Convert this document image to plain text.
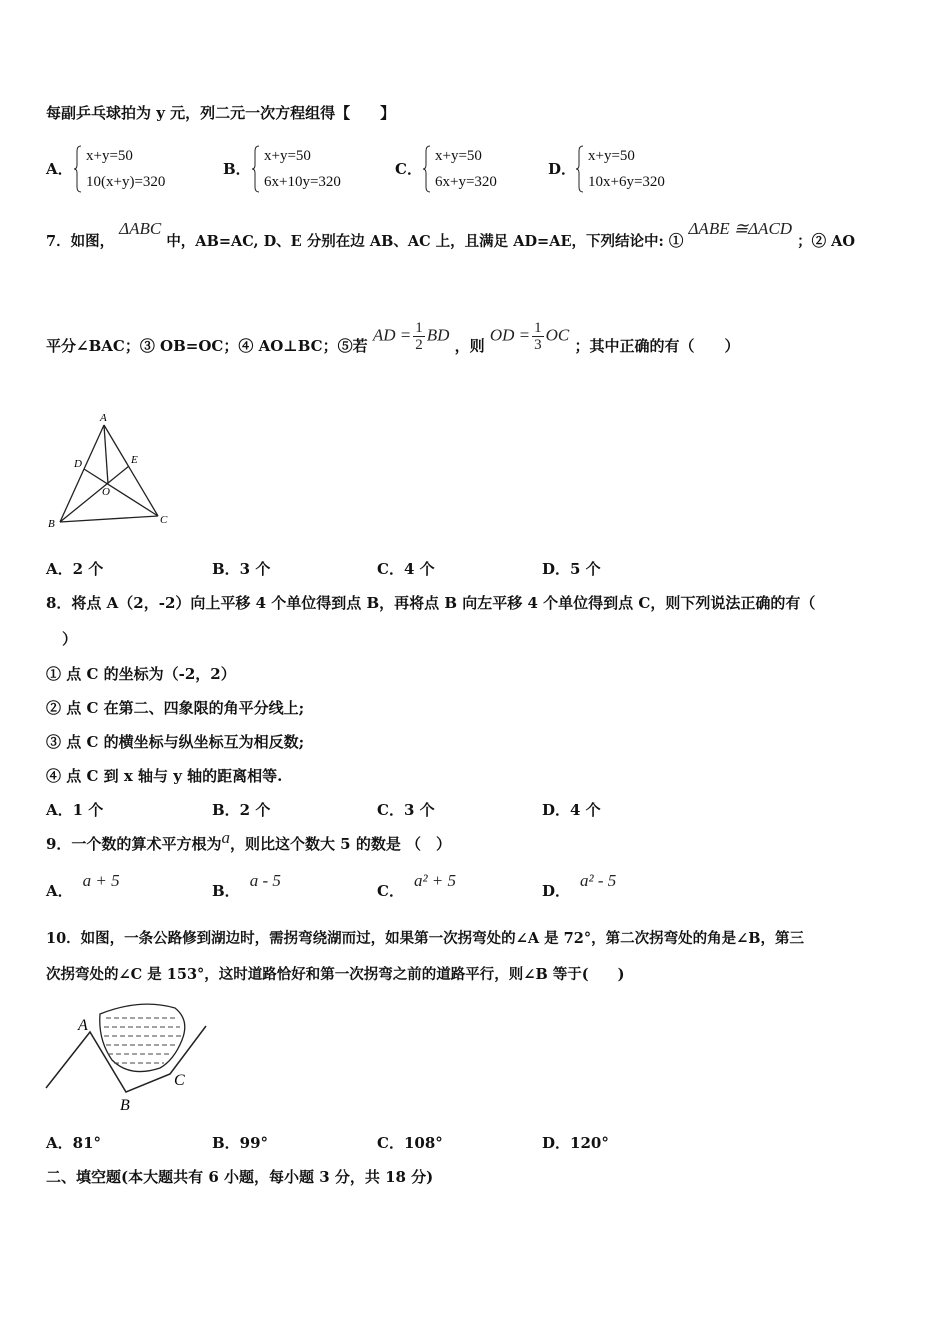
每副乒乓球拍为 y 元，列二元一次方程组得【　　】
A．
x+y=50
10(x+y)=320
B．
x+y=50
6x+10y=320
C．
x+y=50
6x+y=320
D．
x+y=50
10x+6y=320
7．如图， ΔABC 中，AB=AC, D、E 分别在边 AB、AC 上，且满足 AD=AE，下列结论中: ① ΔABE ≅ΔACD ；② AO
平分∠BAC；③ OB=OC；④ AO⊥BC；⑤若 AD = $\frac{1}{2}$ BD ，则 OD = $\frac{1}{3}$ OC ；其中正确的有（　　）
A
B	C
D	E
O
A．2 个	B．3 个	C．4 个	D．5 个
8．将点 A（2，-2）向上平移 4 个单位得到点 B，再将点 B 向左平移 4 个单位得到点 C，则下列说法正确的有（
）
① 点 C 的坐标为（-2，2）
② 点 C 在第二、四象限的角平分线上;
③ 点 C 的横坐标与纵坐标互为相反数;
④ 点 C 到 x 轴与 y 轴的距离相等.
A．1 个	B．2 个	C．3 个	D．4 个
9．一个数的算术平方根为a，则比这个数大 5 的数是 （　）
A．a + 5
B．a - 5
C．a² + 5
D．a² - 5
10．如图，一条公路修到湖边时，需拐弯绕湖而过，如果第一次拐弯处的∠A 是 72°，第二次拐弯处的角是∠B，第三
次拐弯处的∠C 是 153°，这时道路恰好和第一次拐弯之前的道路平行，则∠B 等于(　　)
A
B
C
A．81°	B．99°	C．108°	D．120°
二、填空题(本大题共有 6 小题，每小题 3 分，共 18 分)
